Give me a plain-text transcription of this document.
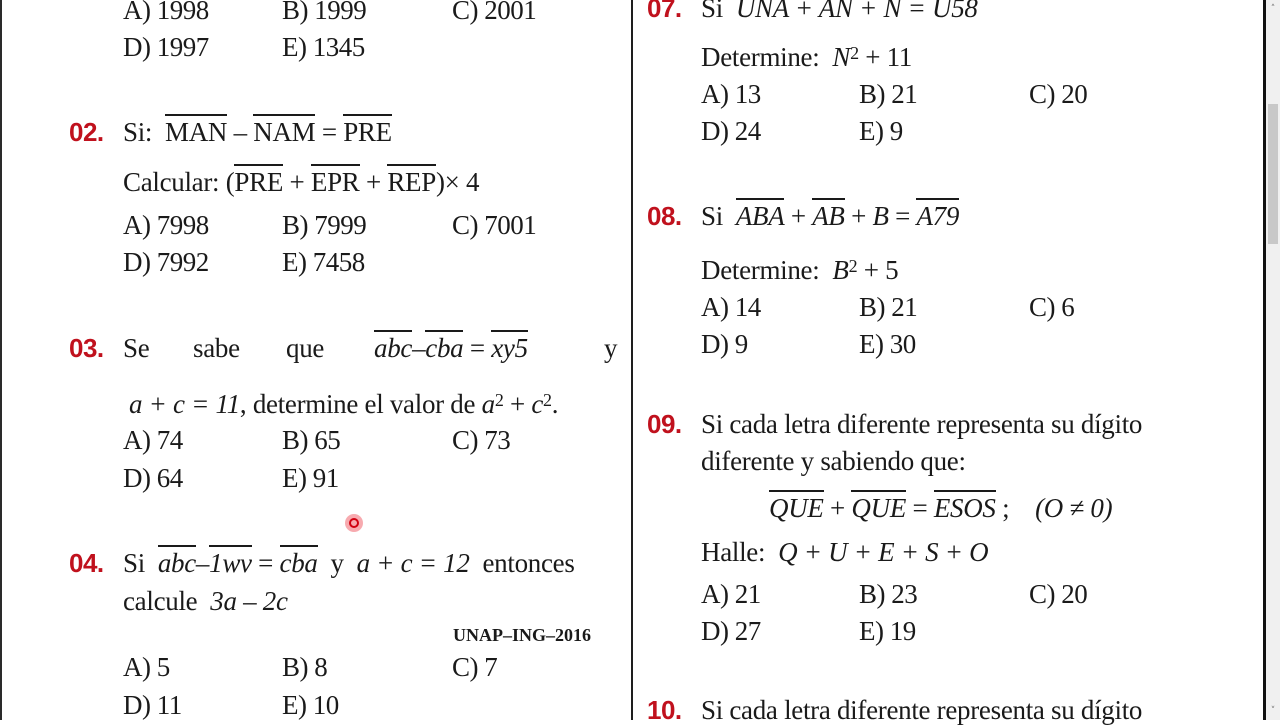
A) 1998	B) 1999	C) 2001
D) 1997	E) 1345
02. Si: MAN – NAM = PRE
Calcular: (PRE + EPR + REP)× 4
A) 7998	B) 7999	C) 7001
D) 7992	E) 7458
03. Se sabe que abc–cba = xy5	y
a + c = 11, determine el valor de $a^2 + c^2$.
A) 74	B) 65	C) 73
D) 64	E) 91
04. Si abc–1wv = cba y a + c = 12 entonces
calcule 3a – 2c
UNAP–ING–2016
A) 5	B) 8	C) 7
D) 11	E) 10
07. Si UNA + AN + N = U58
Determine: $N^2 + 11$
A) 13	B) 21	C) 20
D) 24	E) 9
08. Si ABA + AB + B = A79
Determine: $B^2 + 5$
A) 14	B) 21	C) 6
D) 9	E) 30
09. Si cada letra diferente representa su dígito
diferente y sabiendo que:
QUE + QUE = ESOS ;    (O ≠ 0)
Halle: Q + U + E + S + O
A) 21	B) 23	C) 20
D) 27	E) 19
10. Si cada letra diferente representa su dígito
˄
˅
